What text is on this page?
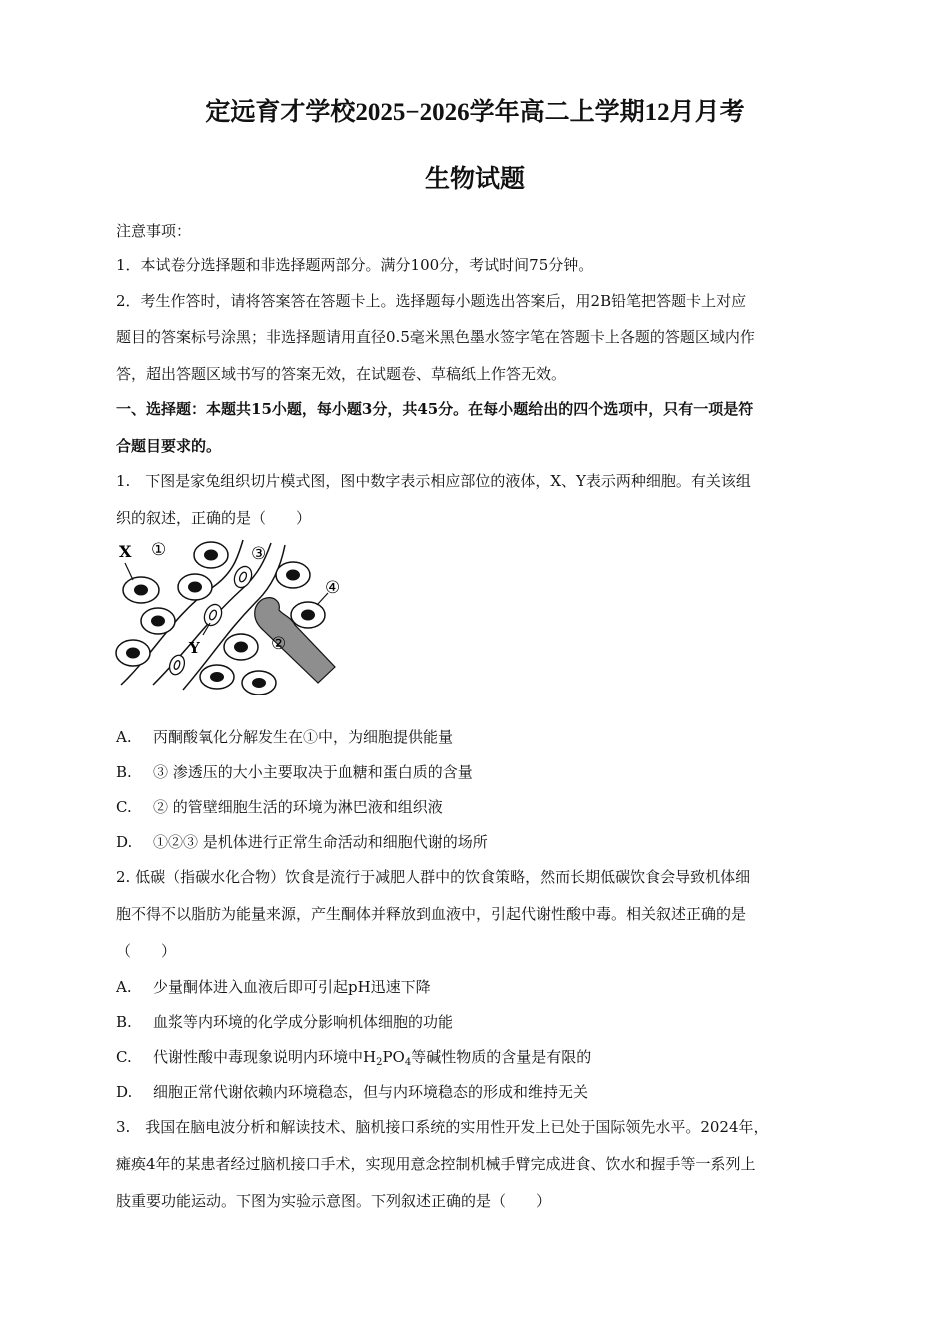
定远育才学校2025−2026学年高二上学期12月月考
生物试题
注意事项：
1．本试卷分选择题和非选择题两部分。满分100分，考试时间75分钟。
2．考生作答时，请将答案答在答题卡上。选择题每小题选出答案后，用2B铅笔把答题卡上对应
题目的答案标号涂黑；非选择题请用直径0.5毫米黑色墨水签字笔在答题卡上各题的答题区域内作
答，超出答题区域书写的答案无效，在试题卷、草稿纸上作答无效。
一、选择题：本题共15小题，每小题3分，共45分。在每小题给出的四个选项中，只有一项是符
合题目要求的。
1.　下图是家兔组织切片模式图，图中数字表示相应部位的液体，X、Y表示两种细胞。有关该组
织的叙述，正确的是（　　）
X ①	③
④
②
Y
A. 丙酮酸氧化分解发生在①中，为细胞提供能量
B. ③ 渗透压的大小主要取决于血糖和蛋白质的含量
C. ② 的管壁细胞生活的环境为淋巴液和组织液
D. ①②③ 是机体进行正常生命活动和细胞代谢的场所
2. 低碳（指碳水化合物）饮食是流行于减肥人群中的饮食策略，然而长期低碳饮食会导致机体细
胞不得不以脂肪为能量来源，产生酮体并释放到血液中，引起代谢性酸中毒。相关叙述正确的是
（　　）
A. 少量酮体进入血液后即可引起pH迅速下降
B. 血浆等内环境的化学成分影响机体细胞的功能
C. 代谢性酸中毒现象说明内环境中$H_2PO_4$等碱性物质的含量是有限的
D. 细胞正常代谢依赖内环境稳态，但与内环境稳态的形成和维持无关
3.　我国在脑电波分析和解读技术、脑机接口系统的实用性开发上已处于国际领先水平。2024年，
瘫痪4年的某患者经过脑机接口手术，实现用意念控制机械手臂完成进食、饮水和握手等一系列上
肢重要功能运动。下图为实验示意图。下列叙述正确的是（　　）
